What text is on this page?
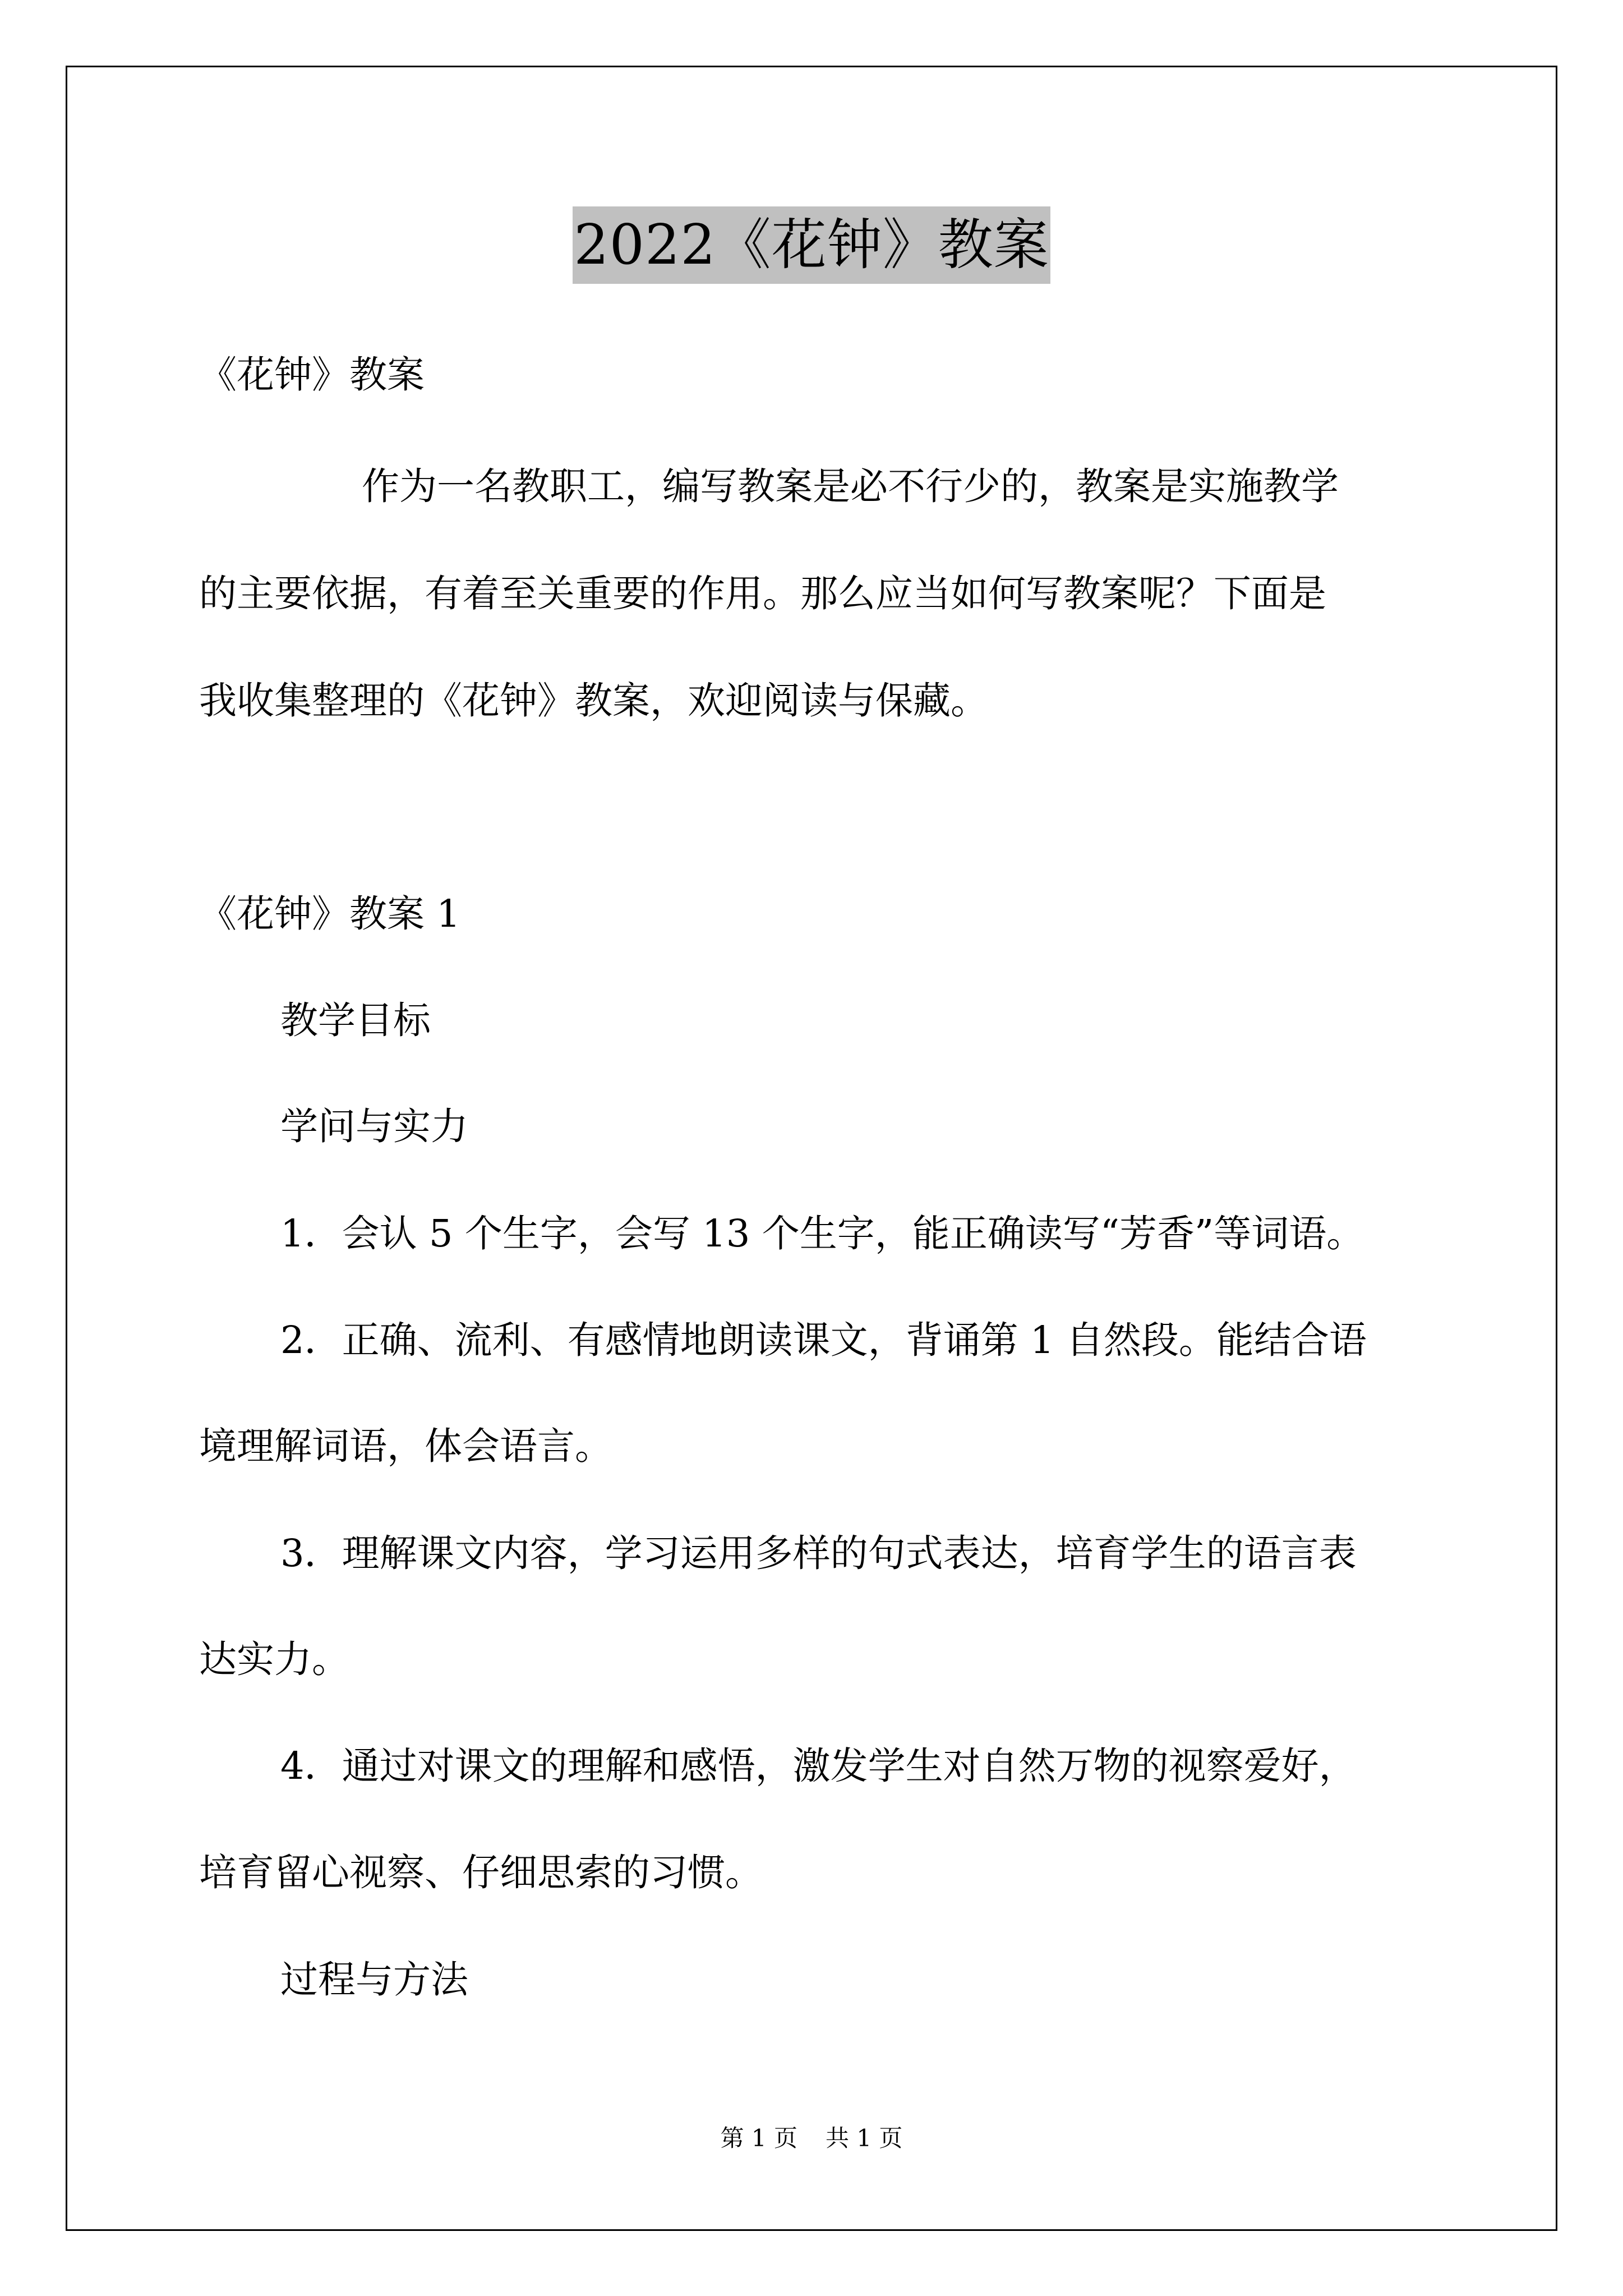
2022《花钟》教案

《花钟》教案

作为一名教职工，编写教案是必不行少的，教案是实施教学

的主要依据，有着至关重要的作用。那么应当如何写教案呢？下面是

我收集整理的《花钟》教案，欢迎阅读与保藏。

《花钟》教案 1

教学目标

学问与实力

1．会认 5 个生字，会写 13 个生字，能正确读写“芳香”等词语。

2．正确、流利、有感情地朗读课文，背诵第 1 自然段。能结合语

境理解词语，体会语言。

3．理解课文内容，学习运用多样的句式表达，培育学生的语言表

达实力。

4．通过对课文的理解和感悟，激发学生对自然万物的视察爱好，

培育留心视察、仔细思索的习惯。

过程与方法

第 1 页 共 1 页
